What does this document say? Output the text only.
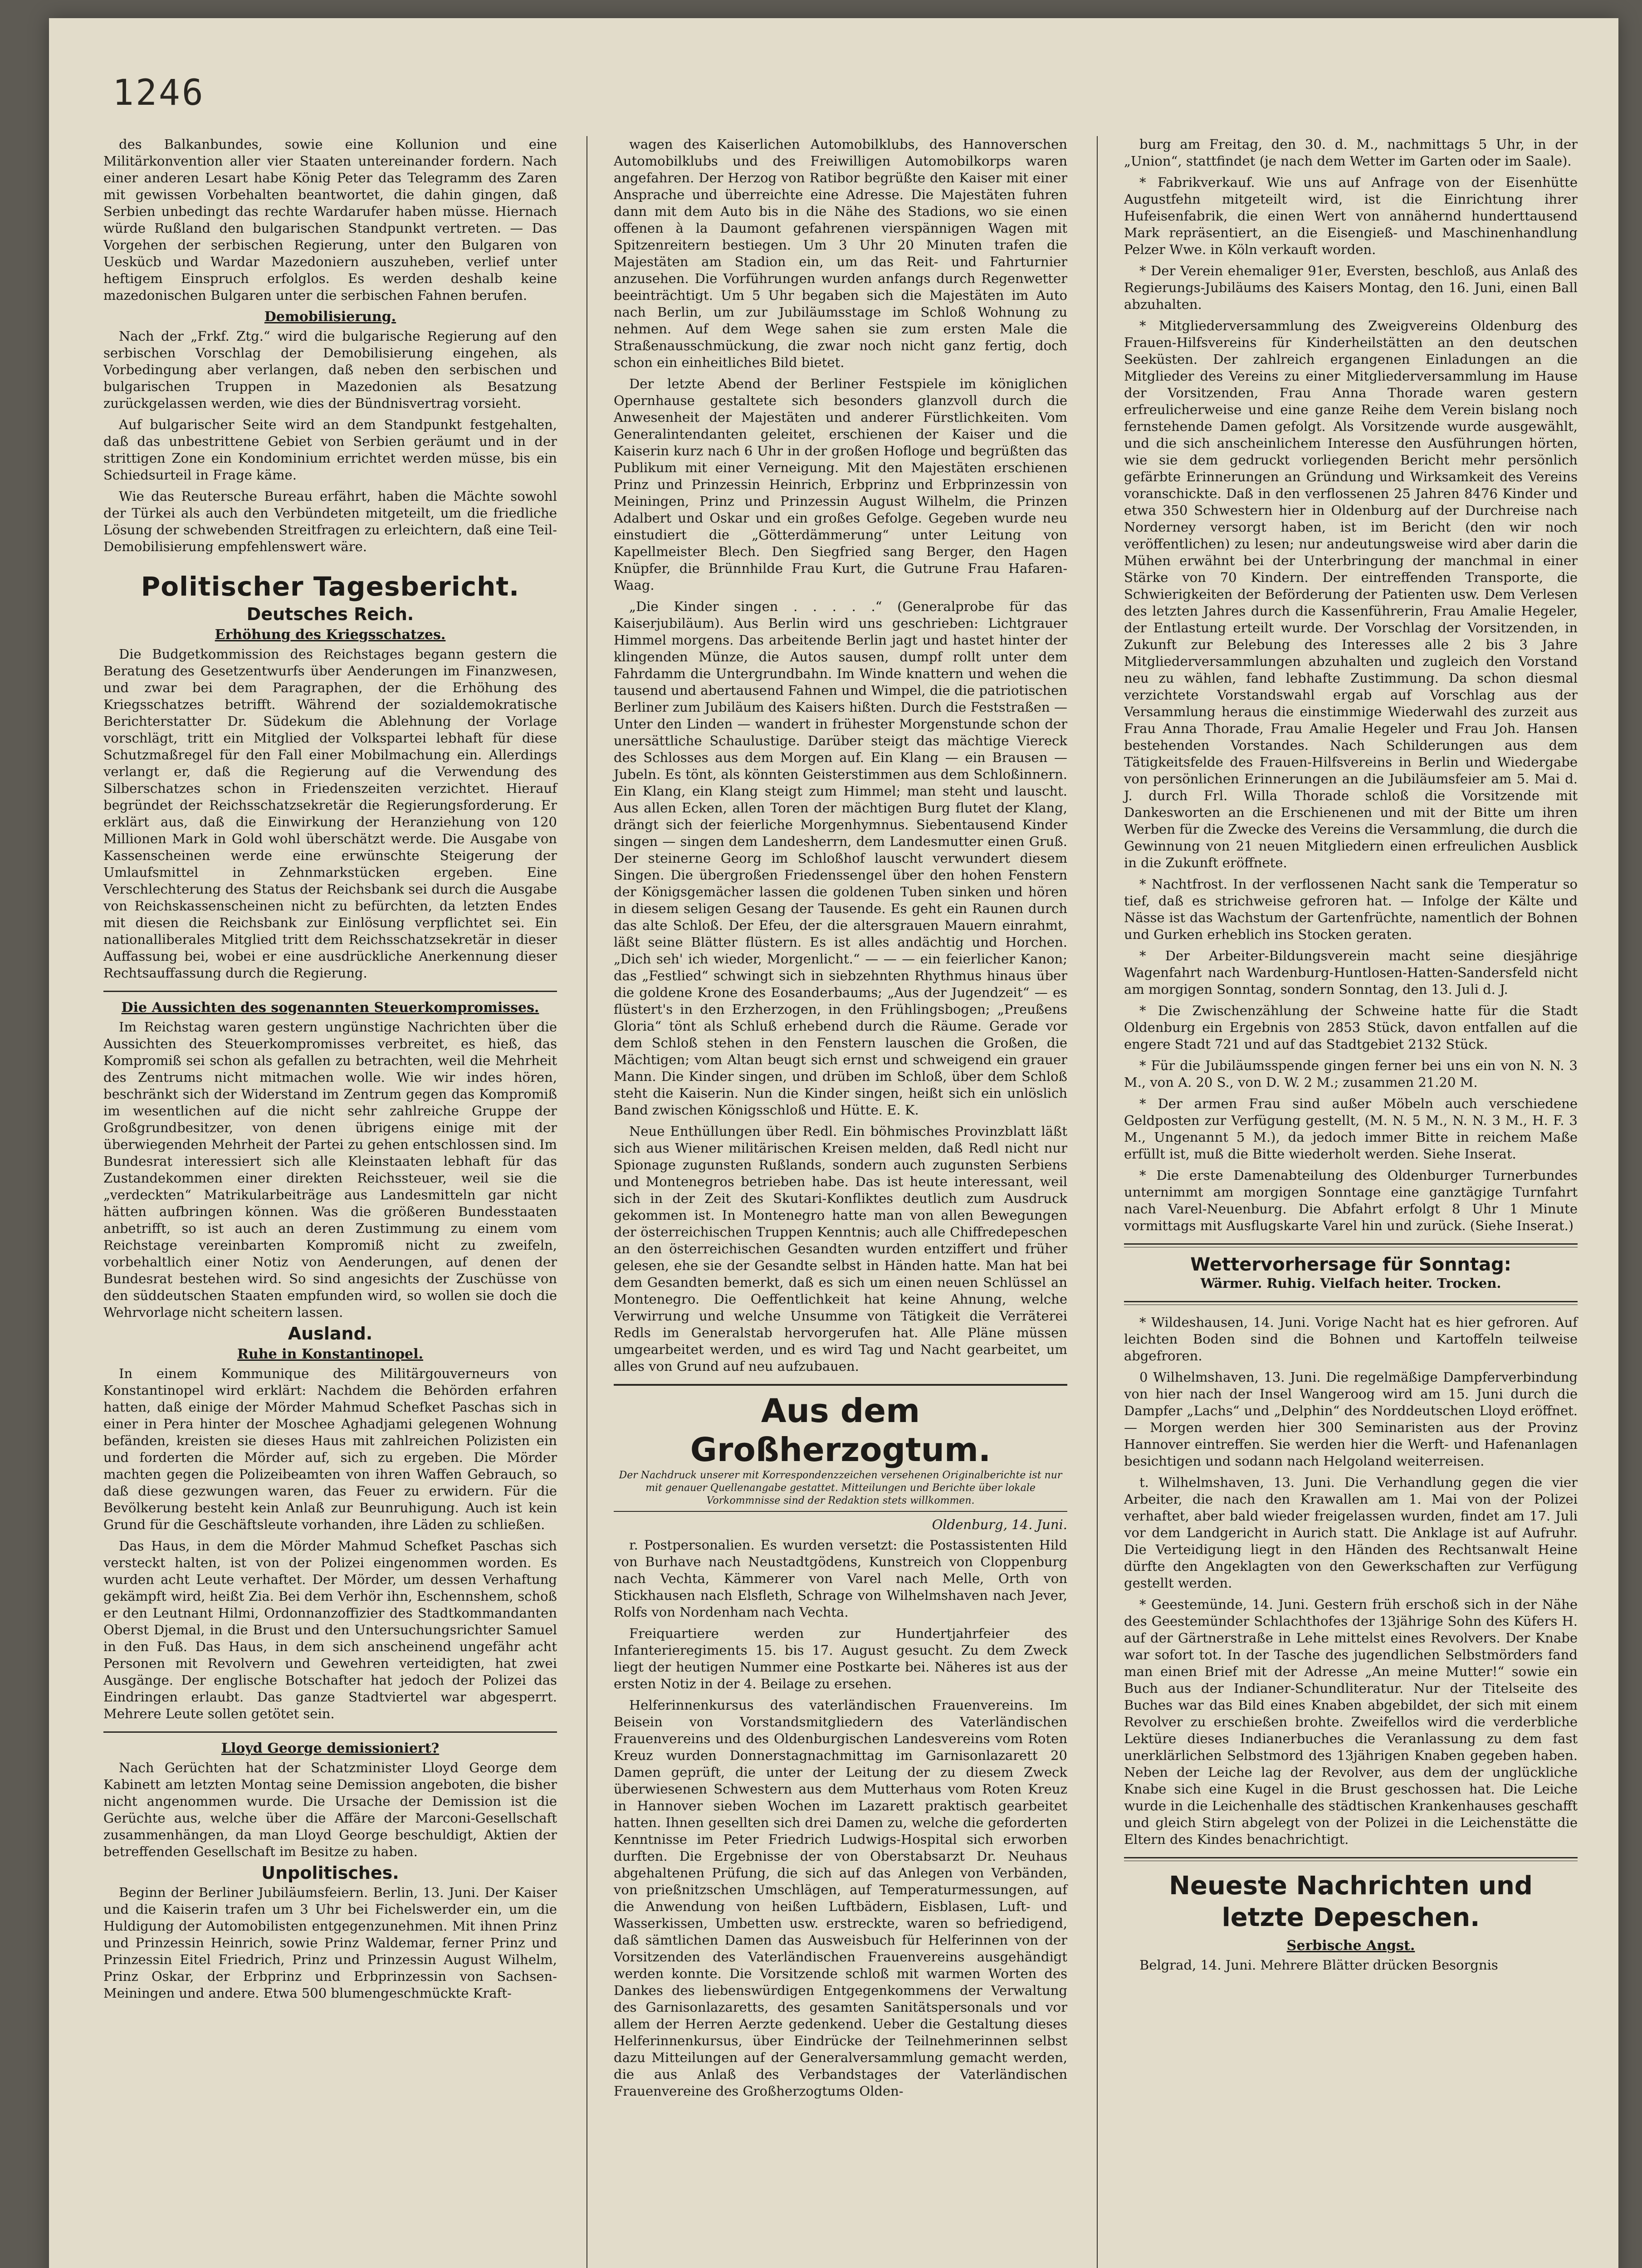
1246

des Balkanbundes, sowie eine Kollunion und eine Militärkonvention aller vier Staaten untereinander fordern. Nach einer anderen Lesart habe König Peter das Telegramm des Zaren mit gewissen Vorbehalten beantwortet, die dahin gingen, daß Serbien unbedingt das rechte Wardarufer haben müsse. Hiernach würde Rußland den bulgarischen Standpunkt vertreten. — Das Vorgehen der serbischen Regierung, unter den Bulgaren von Ueskücb und Wardar Mazedoniern auszuheben, verlief unter heftigem Einspruch erfolglos. Es werden deshalb keine mazedonischen Bulgaren unter die serbischen Fahnen berufen.

Demobilisierung.

Nach der „Frkf. Ztg.“ wird die bulgarische Regierung auf den serbischen Vorschlag der Demobilisierung eingehen, als Vorbedingung aber verlangen, daß neben den serbischen und bulgarischen Truppen in Mazedonien als Besatzung zurückgelassen werden, wie dies der Bündnisvertrag vorsieht.

Auf bulgarischer Seite wird an dem Standpunkt festgehalten, daß das unbestrittene Gebiet von Serbien geräumt und in der strittigen Zone ein Kondominium errichtet werden müsse, bis ein Schiedsurteil in Frage käme.

Wie das Reutersche Bureau erfährt, haben die Mächte sowohl der Türkei als auch den Verbündeten mitgeteilt, um die friedliche Lösung der schwebenden Streitfragen zu erleichtern, daß eine Teil-Demobilisierung empfehlenswert wäre.

Politischer Tagesbericht.
Deutsches Reich.
Erhöhung des Kriegsschatzes.

Die Budgetkommission des Reichstages begann gestern die Beratung des Gesetzentwurfs über Aenderungen im Finanzwesen, und zwar bei dem Paragraphen, der die Erhöhung des Kriegsschatzes betrifft. Während der sozialdemokratische Berichterstatter Dr. Südekum die Ablehnung der Vorlage vorschlägt, tritt ein Mitglied der Volkspartei lebhaft für diese Schutzmaßregel für den Fall einer Mobilmachung ein. Allerdings verlangt er, daß die Regierung auf die Verwendung des Silberschatzes schon in Friedenszeiten verzichtet. Hierauf begründet der Reichsschatzsekretär die Regierungsforderung. Er erklärt aus, daß die Einwirkung der Heranziehung von 120 Millionen Mark in Gold wohl überschätzt werde. Die Ausgabe von Kassenscheinen werde eine erwünschte Steigerung der Umlaufsmittel in Zehnmarkstücken ergeben. Eine Verschlechterung des Status der Reichsbank sei durch die Ausgabe von Reichskassenscheinen nicht zu befürchten, da letzten Endes mit diesen die Reichsbank zur Einlösung verpflichtet sei. Ein nationalliberales Mitglied tritt dem Reichsschatzsekretär in dieser Auffassung bei, wobei er eine ausdrückliche Anerkennung dieser Rechtsauffassung durch die Regierung.

Die Aussichten des sogenannten Steuerkompromisses.

Im Reichstag waren gestern ungünstige Nachrichten über die Aussichten des Steuerkompromisses verbreitet, es hieß, das Kompromiß sei schon als gefallen zu betrachten, weil die Mehrheit des Zentrums nicht mitmachen wolle. Wie wir indes hören, beschränkt sich der Widerstand im Zentrum gegen das Kompromiß im wesentlichen auf die nicht sehr zahlreiche Gruppe der Großgrundbesitzer, von denen übrigens einige mit der überwiegenden Mehrheit der Partei zu gehen entschlossen sind. Im Bundesrat interessiert sich alle Kleinstaaten lebhaft für das Zustandekommen einer direkten Reichssteuer, weil sie die „verdeckten“ Matrikularbeiträge aus Landesmitteln gar nicht hätten aufbringen können. Was die größeren Bundesstaaten anbetrifft, so ist auch an deren Zustimmung zu einem vom Reichstage vereinbarten Kompromiß nicht zu zweifeln, vorbehaltlich einer Notiz von Aenderungen, auf denen der Bundesrat bestehen wird. So sind angesichts der Zuschüsse von den süddeutschen Staaten empfunden wird, so wollen sie doch die Wehrvorlage nicht scheitern lassen.

Ausland.
Ruhe in Konstantinopel.

In einem Kommunique des Militärgouverneurs von Konstantinopel wird erklärt: Nachdem die Behörden erfahren hatten, daß einige der Mörder Mahmud Schefket Paschas sich in einer in Pera hinter der Moschee Aghadjami gelegenen Wohnung befänden, kreisten sie dieses Haus mit zahlreichen Polizisten ein und forderten die Mörder auf, sich zu ergeben. Die Mörder machten gegen die Polizeibeamten von ihren Waffen Gebrauch, so daß diese gezwungen waren, das Feuer zu erwidern. Für die Bevölkerung besteht kein Anlaß zur Beunruhigung. Auch ist kein Grund für die Geschäftsleute vorhanden, ihre Läden zu schließen.

Das Haus, in dem die Mörder Mahmud Schefket Paschas sich versteckt halten, ist von der Polizei eingenommen worden. Es wurden acht Leute verhaftet. Der Mörder, um dessen Verhaftung gekämpft wird, heißt Zia. Bei dem Verhör ihn, Eschennshem, schoß er den Leutnant Hilmi, Ordonnanzoffizier des Stadtkommandanten Oberst Djemal, in die Brust und den Untersuchungsrichter Samuel in den Fuß. Das Haus, in dem sich anscheinend ungefähr acht Personen mit Revolvern und Gewehren verteidigten, hat zwei Ausgänge. Der englische Botschafter hat jedoch der Polizei das Eindringen erlaubt. Das ganze Stadtviertel war abgesperrt. Mehrere Leute sollen getötet sein.

Lloyd George demissioniert?

Nach Gerüchten hat der Schatzminister Lloyd George dem Kabinett am letzten Montag seine Demission angeboten, die bisher nicht angenommen wurde. Die Ursache der Demission ist die Gerüchte aus, welche über die Affäre der Marconi-Gesellschaft zusammenhängen, da man Lloyd George beschuldigt, Aktien der betreffenden Gesellschaft im Besitze zu haben.

Unpolitisches.

Beginn der Berliner Jubiläumsfeiern. Berlin, 13. Juni. Der Kaiser und die Kaiserin trafen um 3 Uhr bei Fichelswerder ein, um die Huldigung der Automobilisten entgegenzunehmen. Mit ihnen Prinz und Prinzessin Heinrich, sowie Prinz Waldemar, ferner Prinz und Prinzessin Eitel Friedrich, Prinz und Prinzessin August Wilhelm, Prinz Oskar, der Erbprinz und Erbprinzessin von Sachsen-Meiningen und andere. Etwa 500 blumengeschmückte Kraft-

wagen des Kaiserlichen Automobilklubs, des Hannoverschen Automobilklubs und des Freiwilligen Automobilkorps waren angefahren. Der Herzog von Ratibor begrüßte den Kaiser mit einer Ansprache und überreichte eine Adresse. Die Majestäten fuhren dann mit dem Auto bis in die Nähe des Stadions, wo sie einen offenen à la Daumont gefahrenen vierspännigen Wagen mit Spitzenreitern bestiegen. Um 3 Uhr 20 Minuten trafen die Majestäten am Stadion ein, um das Reit- und Fahrturnier anzusehen. Die Vorführungen wurden anfangs durch Regenwetter beeinträchtigt. Um 5 Uhr begaben sich die Majestäten im Auto nach Berlin, um zur Jubiläumsstage im Schloß Wohnung zu nehmen. Auf dem Wege sahen sie zum ersten Male die Straßenausschmückung, die zwar noch nicht ganz fertig, doch schon ein einheitliches Bild bietet.

Der letzte Abend der Berliner Festspiele im königlichen Opernhause gestaltete sich besonders glanzvoll durch die Anwesenheit der Majestäten und anderer Fürstlichkeiten. Vom Generalintendanten geleitet, erschienen der Kaiser und die Kaiserin kurz nach 6 Uhr in der großen Hofloge und begrüßten das Publikum mit einer Verneigung. Mit den Majestäten erschienen Prinz und Prinzessin Heinrich, Erbprinz und Erbprinzessin von Meiningen, Prinz und Prinzessin August Wilhelm, die Prinzen Adalbert und Oskar und ein großes Gefolge. Gegeben wurde neu einstudiert die „Götterdämmerung“ unter Leitung von Kapellmeister Blech. Den Siegfried sang Berger, den Hagen Knüpfer, die Brünnhilde Frau Kurt, die Gutrune Frau Hafaren-Waag.

„Die Kinder singen . . . . .“ (Generalprobe für das Kaiserjubiläum). Aus Berlin wird uns geschrieben: Lichtgrauer Himmel morgens. Das arbeitende Berlin jagt und hastet hinter der klingenden Münze, die Autos sausen, dumpf rollt unter dem Fahrdamm die Untergrundbahn. Im Winde knattern und wehen die tausend und abertausend Fahnen und Wimpel, die die patriotischen Berliner zum Jubiläum des Kaisers hißten. Durch die Feststraßen — Unter den Linden — wandert in frühester Morgenstunde schon der unersättliche Schaulustige. Darüber steigt das mächtige Viereck des Schlosses aus dem Morgen auf. Ein Klang — ein Brausen — Jubeln. Es tönt, als könnten Geisterstimmen aus dem Schloßinnern. Ein Klang, ein Klang steigt zum Himmel; man steht und lauscht. Aus allen Ecken, allen Toren der mächtigen Burg flutet der Klang, drängt sich der feierliche Morgenhymnus. Siebentausend Kinder singen — singen dem Landesherrn, dem Landesmutter einen Gruß. Der steinerne Georg im Schloßhof lauscht verwundert diesem Singen. Die übergroßen Friedenssengel über den hohen Fenstern der Königsgemächer lassen die goldenen Tuben sinken und hören in diesem seligen Gesang der Tausende. Es geht ein Raunen durch das alte Schloß. Der Efeu, der die altersgrauen Mauern einrahmt, läßt seine Blätter flüstern. Es ist alles andächtig und Horchen. „Dich seh' ich wieder, Morgenlicht.“ — — — ein feierlicher Kanon; das „Festlied“ schwingt sich in siebzehnten Rhythmus hinaus über die goldene Krone des Eosanderbaums; „Aus der Jugendzeit“ — es flüstert's in den Erzherzogen, in den Frühlingsbogen; „Preußens Gloria“ tönt als Schluß erhebend durch die Räume. Gerade vor dem Schloß stehen in den Fenstern lauschen die Großen, die Mächtigen; vom Altan beugt sich ernst und schweigend ein grauer Mann. Die Kinder singen, und drüben im Schloß, über dem Schloß steht die Kaiserin. Nun die Kinder singen, heißt sich ein unlöslich Band zwischen Königsschloß und Hütte. E. K.

Neue Enthüllungen über Redl. Ein böhmisches Provinzblatt läßt sich aus Wiener militärischen Kreisen melden, daß Redl nicht nur Spionage zugunsten Rußlands, sondern auch zugunsten Serbiens und Montenegros betrieben habe. Das ist heute interessant, weil sich in der Zeit des Skutari-Konfliktes deutlich zum Ausdruck gekommen ist. In Montenegro hatte man von allen Bewegungen der österreichischen Truppen Kenntnis; auch alle Chiffredepeschen an den österreichischen Gesandten wurden entziffert und früher gelesen, ehe sie der Gesandte selbst in Händen hatte. Man hat bei dem Gesandten bemerkt, daß es sich um einen neuen Schlüssel an Montenegro. Die Oeffentlichkeit hat keine Ahnung, welche Verwirrung und welche Unsumme von Tätigkeit die Verräterei Redls im Generalstab hervorgerufen hat. Alle Pläne müssen umgearbeitet werden, und es wird Tag und Nacht gearbeitet, um alles von Grund auf neu aufzubauen.

Aus dem Großherzogtum.
Der Nachdruck unserer mit Korrespondenzzeichen versehenen Originalberichte ist nur mit genauer Quellenangabe gestattet. Mitteilungen und Berichte über lokale Vorkommnisse sind der Redaktion stets willkommen.
Oldenburg, 14. Juni.

r. Postpersonalien. Es wurden versetzt: die Postassistenten Hild von Burhave nach Neustadtgödens, Kunstreich von Cloppenburg nach Vechta, Kämmerer von Varel nach Melle, Orth von Stickhausen nach Elsfleth, Schrage von Wilhelmshaven nach Jever, Rolfs von Nordenham nach Vechta.

Freiquartiere werden zur Hundertjahrfeier des Infanterieregiments 15. bis 17. August gesucht. Zu dem Zweck liegt der heutigen Nummer eine Postkarte bei. Näheres ist aus der ersten Notiz in der 4. Beilage zu ersehen.

Helferinnenkursus des vaterländischen Frauenvereins. Im Beisein von Vorstandsmitgliedern des Vaterländischen Frauenvereins und des Oldenburgischen Landesvereins vom Roten Kreuz wurden Donnerstagnachmittag im Garnisonlazarett 20 Damen geprüft, die unter der Leitung der zu diesem Zweck überwiesenen Schwestern aus dem Mutterhaus vom Roten Kreuz in Hannover sieben Wochen im Lazarett praktisch gearbeitet hatten. Ihnen gesellten sich drei Damen zu, welche die geforderten Kenntnisse im Peter Friedrich Ludwigs-Hospital sich erworben durften. Die Ergebnisse der von Oberstabsarzt Dr. Neuhaus abgehaltenen Prüfung, die sich auf das Anlegen von Verbänden, von prießnitzschen Umschlägen, auf Temperaturmessungen, auf die Anwendung von heißen Luftbädern, Eisblasen, Luft- und Wasserkissen, Umbetten usw. erstreckte, waren so befriedigend, daß sämtlichen Damen das Ausweisbuch für Helferinnen von der Vorsitzenden des Vaterländischen Frauenvereins ausgehändigt werden konnte. Die Vorsitzende schloß mit warmen Worten des Dankes des liebenswürdigen Entgegenkommens der Verwaltung des Garnisonlazaretts, des gesamten Sanitätspersonals und vor allem der Herren Aerzte gedenkend. Ueber die Gestaltung dieses Helferinnenkursus, über Eindrücke der Teilnehmerinnen selbst dazu Mitteilungen auf der Generalversammlung gemacht werden, die aus Anlaß des Verbandstages der Vaterländischen Frauenvereine des Großherzogtums Olden-

burg am Freitag, den 30. d. M., nachmittags 5 Uhr, in der „Union“, stattfindet (je nach dem Wetter im Garten oder im Saale).

* Fabrikverkauf. Wie uns auf Anfrage von der Eisenhütte Augustfehn mitgeteilt wird, ist die Einrichtung ihrer Hufeisenfabrik, die einen Wert von annähernd hunderttausend Mark repräsentiert, an die Eisengieß- und Maschinenhandlung Pelzer Wwe. in Köln verkauft worden.

* Der Verein ehemaliger 91er, Eversten, beschloß, aus Anlaß des Regierungs-Jubiläums des Kaisers Montag, den 16. Juni, einen Ball abzuhalten.

* Mitgliederversammlung des Zweigvereins Oldenburg des Frauen-Hilfsvereins für Kinderheilstätten an den deutschen Seeküsten. Der zahlreich ergangenen Einladungen an die Mitglieder des Vereins zu einer Mitgliederversammlung im Hause der Vorsitzenden, Frau Anna Thorade waren gestern erfreulicherweise und eine ganze Reihe dem Verein bislang noch fernstehende Damen gefolgt. Als Vorsitzende wurde ausgewählt, und die sich anscheinlichem Interesse den Ausführungen hörten, wie sie dem gedruckt vorliegenden Bericht mehr persönlich gefärbte Erinnerungen an Gründung und Wirksamkeit des Vereins voranschickte. Daß in den verflossenen 25 Jahren 8476 Kinder und etwa 350 Schwestern hier in Oldenburg auf der Durchreise nach Norderney versorgt haben, ist im Bericht (den wir noch veröffentlichen) zu lesen; nur andeutungsweise wird aber darin die Mühen erwähnt bei der Unterbringung der manchmal in einer Stärke von 70 Kindern. Der eintreffenden Transporte, die Schwierigkeiten der Beförderung der Patienten usw. Dem Verlesen des letzten Jahres durch die Kassenführerin, Frau Amalie Hegeler, der Entlastung erteilt wurde. Der Vorschlag der Vorsitzenden, in Zukunft zur Belebung des Interesses alle 2 bis 3 Jahre Mitgliederversammlungen abzuhalten und zugleich den Vorstand neu zu wählen, fand lebhafte Zustimmung. Da schon diesmal verzichtete Vorstandswahl ergab auf Vorschlag aus der Versammlung heraus die einstimmige Wiederwahl des zurzeit aus Frau Anna Thorade, Frau Amalie Hegeler und Frau Joh. Hansen bestehenden Vorstandes. Nach Schilderungen aus dem Tätigkeitsfelde des Frauen-Hilfsvereins in Berlin und Wiedergabe von persönlichen Erinnerungen an die Jubiläumsfeier am 5. Mai d. J. durch Frl. Willa Thorade schloß die Vorsitzende mit Dankesworten an die Erschienenen und mit der Bitte um ihren Werben für die Zwecke des Vereins die Versammlung, die durch die Gewinnung von 21 neuen Mitgliedern einen erfreulichen Ausblick in die Zukunft eröffnete.

* Nachtfrost. In der verflossenen Nacht sank die Temperatur so tief, daß es strichweise gefroren hat. — Infolge der Kälte und Nässe ist das Wachstum der Gartenfrüchte, namentlich der Bohnen und Gurken erheblich ins Stocken geraten.

* Der Arbeiter-Bildungsverein macht seine diesjährige Wagenfahrt nach Wardenburg-Huntlosen-Hatten-Sandersfeld nicht am morgigen Sonntag, sondern Sonntag, den 13. Juli d. J.

* Die Zwischenzählung der Schweine hatte für die Stadt Oldenburg ein Ergebnis von 2853 Stück, davon entfallen auf die engere Stadt 721 und auf das Stadtgebiet 2132 Stück.

* Für die Jubiläumsspende gingen ferner bei uns ein von N. N. 3 M., von A. 20 S., von D. W. 2 M.; zusammen 21.20 M.

* Der armen Frau sind außer Möbeln auch verschiedene Geldposten zur Verfügung gestellt, (M. N. 5 M., N. N. 3 M., H. F. 3 M., Ungenannt 5 M.), da jedoch immer Bitte in reichem Maße erfüllt ist, muß die Bitte wiederholt werden. Siehe Inserat.

* Die erste Damenabteilung des Oldenburger Turnerbundes unternimmt am morgigen Sonntage eine ganztägige Turnfahrt nach Varel-Neuenburg. Die Abfahrt erfolgt 8 Uhr 1 Minute vormittags mit Ausflugskarte Varel hin und zurück. (Siehe Inserat.)

Wettervorhersage für Sonntag:
Wärmer. Ruhig. Vielfach heiter. Trocken.

* Wildeshausen, 14. Juni. Vorige Nacht hat es hier gefroren. Auf leichten Boden sind die Bohnen und Kartoffeln teilweise abgefroren.

0 Wilhelmshaven, 13. Juni. Die regelmäßige Dampferverbindung von hier nach der Insel Wangeroog wird am 15. Juni durch die Dampfer „Lachs“ und „Delphin“ des Norddeutschen Lloyd eröffnet. — Morgen werden hier 300 Seminaristen aus der Provinz Hannover eintreffen. Sie werden hier die Werft- und Hafenanlagen besichtigen und sodann nach Helgoland weiterreisen.

t. Wilhelmshaven, 13. Juni. Die Verhandlung gegen die vier Arbeiter, die nach den Krawallen am 1. Mai von der Polizei verhaftet, aber bald wieder freigelassen wurden, findet am 17. Juli vor dem Landgericht in Aurich statt. Die Anklage ist auf Aufruhr. Die Verteidigung liegt in den Händen des Rechtsanwalt Heine dürfte den Angeklagten von den Gewerkschaften zur Verfügung gestellt werden.

* Geestemünde, 14. Juni. Gestern früh erschoß sich in der Nähe des Geestemünder Schlachthofes der 13jährige Sohn des Küfers H. auf der Gärtnerstraße in Lehe mittelst eines Revolvers. Der Knabe war sofort tot. In der Tasche des jugendlichen Selbstmörders fand man einen Brief mit der Adresse „An meine Mutter!“ sowie ein Buch aus der Indianer-Schundliteratur. Nur der Titelseite des Buches war das Bild eines Knaben abgebildet, der sich mit einem Revolver zu erschießen brohte. Zweifellos wird die verderbliche Lektüre dieses Indianerbuches die Veranlassung zu dem fast unerklärlichen Selbstmord des 13jährigen Knaben gegeben haben. Neben der Leiche lag der Revolver, aus dem der unglückliche Knabe sich eine Kugel in die Brust geschossen hat. Die Leiche wurde in die Leichenhalle des städtischen Krankenhauses geschafft und gleich Stirn abgelegt von der Polizei in die Leichenstätte die Eltern des Kindes benachrichtigt.

Neueste Nachrichten und letzte Depeschen.
Serbische Angst.

Belgrad, 14. Juni. Mehrere Blätter drücken Besorgnis
